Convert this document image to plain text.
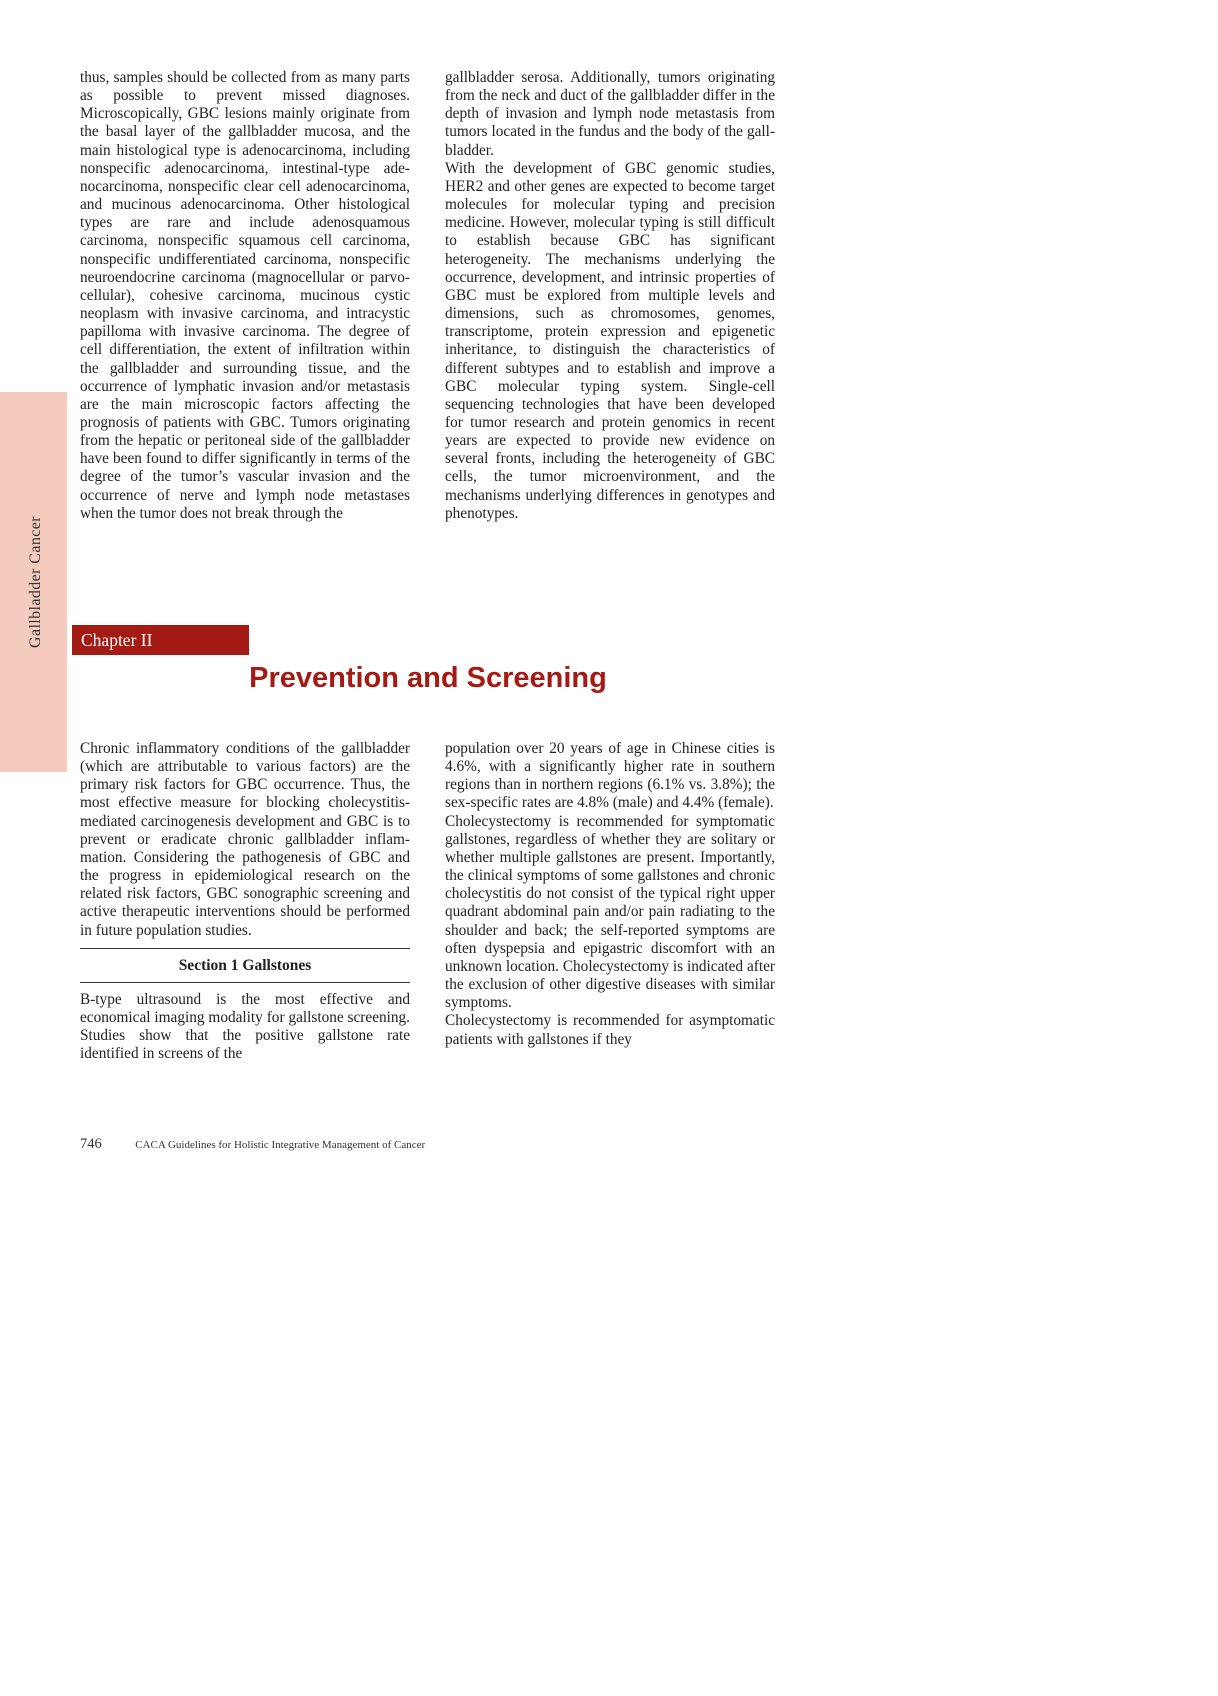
Gallbladder Cancer

thus, samples should be collected from as many parts as possible to prevent missed diagnoses. Microscopically, GBC lesions mainly originate from the basal layer of the gallbladder mucosa, and the main histological type is adenocarcinoma, including nonspecific adenocarcinoma, intestinal-type adenocarcinoma, nonspecific clear cell adenocarcinoma, and mucinous adenocarcinoma. Other histological types are rare and include adenosquamous carcinoma, nonspecific squamous cell carcinoma, nonspecific undifferentiated carcinoma, nonspecific neuroendocrine carcinoma (magnocellular or parvocellular), cohesive carcinoma, mucinous cystic neoplasm with invasive carcinoma, and intracystic papilloma with invasive carcinoma. The degree of cell differentiation, the extent of infiltration within the gallbladder and surrounding tissue, and the occurrence of lymphatic invasion and/or metastasis are the main microscopic factors affecting the prognosis of patients with GBC. Tumors originating from the hepatic or peritoneal side of the gallbladder have been found to differ significantly in terms of the degree of the tumor’s vascular invasion and the occurrence of nerve and lymph node metastases when the tumor does not break through the

gallbladder serosa. Additionally, tumors originating from the neck and duct of the gallbladder differ in the depth of invasion and lymph node metastasis from tumors located in the fundus and the body of the gallbladder.

With the development of GBC genomic studies, HER2 and other genes are expected to become target molecules for molecular typing and precision medicine. However, molecular typing is still difficult to establish because GBC has significant heterogeneity. The mechanisms underlying the occurrence, development, and intrinsic properties of GBC must be explored from multiple levels and dimensions, such as chromosomes, genomes, transcriptome, protein expression and epigenetic inheritance, to distinguish the characteristics of different subtypes and to establish and improve a GBC molecular typing system. Single-cell sequencing technologies that have been developed for tumor research and protein genomics in recent years are expected to provide new evidence on several fronts, including the heterogeneity of GBC cells, the tumor microenvironment, and the mechanisms underlying differences in genotypes and phenotypes.

Chapter II
Prevention and Screening

Chronic inflammatory conditions of the gallbladder (which are attributable to various factors) are the primary risk factors for GBC occurrence. Thus, the most effective measure for blocking cholecystitis-mediated carcinogenesis development and GBC is to prevent or eradicate chronic gallbladder inflammation. Considering the pathogenesis of GBC and the progress in epidemiological research on the related risk factors, GBC sonographic screening and active therapeutic interventions should be performed in future population studies.

Section 1 Gallstones

B-type ultrasound is the most effective and economical imaging modality for gallstone screening. Studies show that the positive gallstone rate identified in screens of the

population over 20 years of age in Chinese cities is 4.6%, with a significantly higher rate in southern regions than in northern regions (6.1% vs. 3.8%); the sex-specific rates are 4.8% (male) and 4.4% (female).

Cholecystectomy is recommended for symptomatic gallstones, regardless of whether they are solitary or whether multiple gallstones are present. Importantly, the clinical symptoms of some gallstones and chronic cholecystitis do not consist of the typical right upper quadrant abdominal pain and/or pain radiating to the shoulder and back; the self-reported symptoms are often dyspepsia and epigastric discomfort with an unknown location. Cholecystectomy is indicated after the exclusion of other digestive diseases with similar symptoms.

Cholecystectomy is recommended for asymptomatic patients with gallstones if they

746	CACA Guidelines for Holistic Integrative Management of Cancer
